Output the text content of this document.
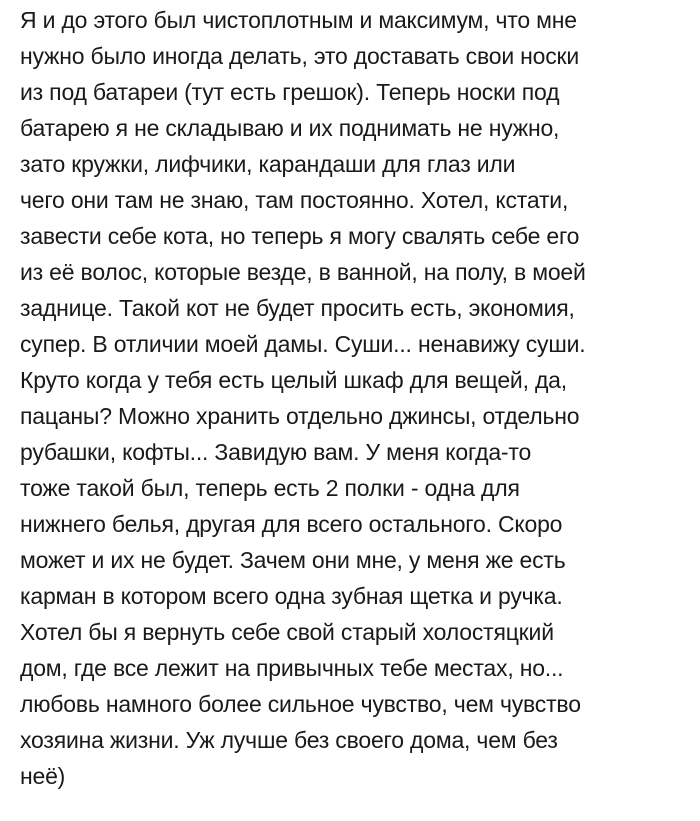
Я и до этого был чистоплотным и максимум, что мне

нужно было иногда делать, это доставать свои носки

из под батареи (тут есть грешок). Теперь носки под

батарею я не складываю и их поднимать не нужно,

зато кружки, лифчики, карандаши для глаз или

чего они там не знаю, там постоянно. Хотел, кстати,

завести себе кота, но теперь я могу свалять себе его

из её волос, которые везде, в ванной, на полу, в моей

заднице. Такой кот не будет просить есть, экономия,

супер. В отличии моей дамы. Суши... ненавижу суши.

Круто когда у тебя есть целый шкаф для вещей, да,

пацаны? Можно хранить отдельно джинсы, отдельно

рубашки, кофты... Завидую вам. У меня когда-то

тоже такой был, теперь есть 2 полки - одна для

нижнего белья, другая для всего остального. Скоро

может и их не будет. Зачем они мне, у меня же есть

карман в котором всего одна зубная щетка и ручка.

Хотел бы я вернуть себе свой старый холостяцкий

дом, где все лежит на привычных тебе местах, но...

любовь намного более сильное чувство, чем чувство

хозяина жизни. Уж лучше без своего дома, чем без

неё)
